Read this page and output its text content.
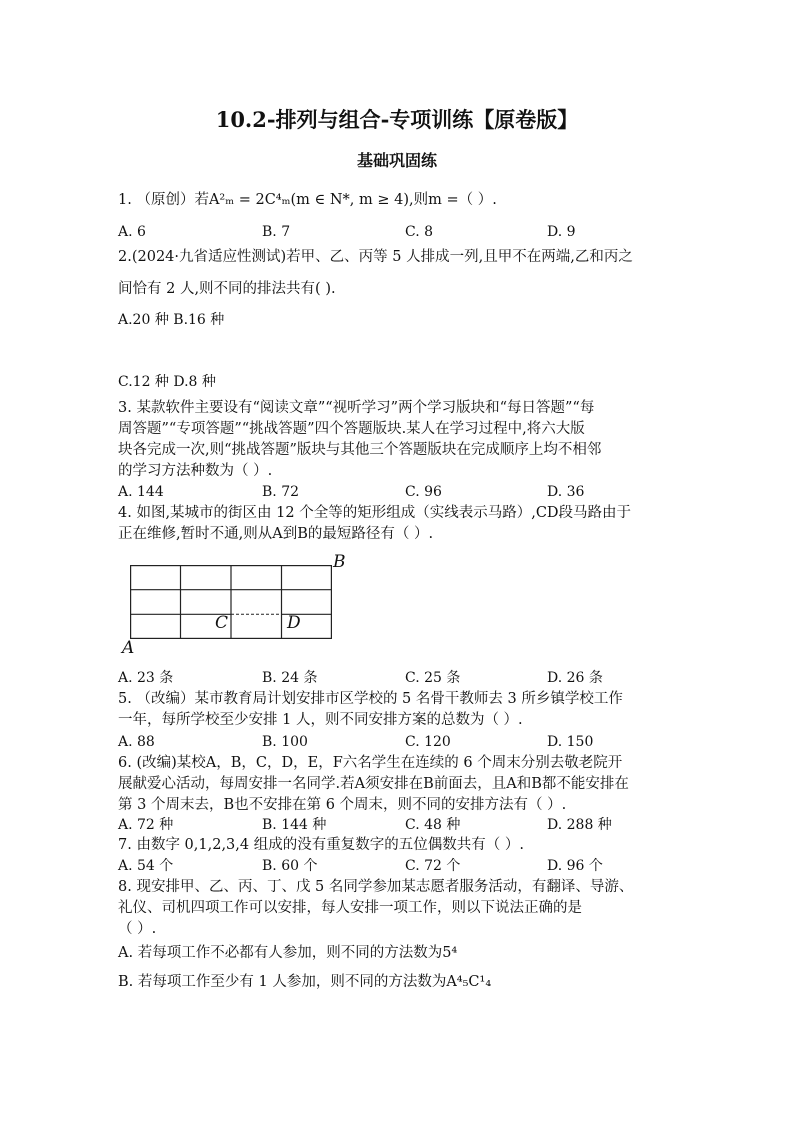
10.2-排列与组合-专项训练【原卷版】
基础巩固练
1. （原创）若A²ₘ = 2C⁴ₘ(m ∈ N*, m ≥ 4),则m =（ ）.
A. 6	B. 7	C. 8	D. 9
2.(2024·九省适应性测试)若甲、乙、丙等 5 人排成一列,且甲不在两端,乙和丙之
间恰有 2 人,则不同的排法共有( ).
A.20 种 B.16 种
C.12 种 D.8 种
3. 某款软件主要设有“阅读文章”“视听学习”两个学习版块和“每日答题”“每
周答题”“专项答题”“挑战答题”四个答题版块.某人在学习过程中,将六大版
块各完成一次,则“挑战答题”版块与其他三个答题版块在完成顺序上均不相邻
的学习方法种数为（ ）.
A. 144	B. 72	C. 96	D. 36
4. 如图,某城市的街区由 12 个全等的矩形组成（实线表示马路）,CD段马路由于
正在维修,暂时不通,则从A到B的最短路径有（ ）.
A
B
C	D
A. 23 条	B. 24 条	C. 25 条	D. 26 条
5. （改编）某市教育局计划安排市区学校的 5 名骨干教师去 3 所乡镇学校工作
一年，每所学校至少安排 1 人，则不同安排方案的总数为（ ）.
A. 88	B. 100	C. 120	D. 150
6. (改编)某校A，B，C，D，E，F六名学生在连续的 6 个周末分别去敬老院开
展献爱心活动，每周安排一名同学.若A须安排在B前面去，且A和B都不能安排在
第 3 个周末去，B也不安排在第 6 个周末，则不同的安排方法有（ ）.
A. 72 种	B. 144 种	C. 48 种	D. 288 种
7. 由数字 0,1,2,3,4 组成的没有重复数字的五位偶数共有（ ）.
A. 54 个	B. 60 个	C. 72 个	D. 96 个
8. 现安排甲、乙、丙、丁、戊 5 名同学参加某志愿者服务活动，有翻译、导游、
礼仪、司机四项工作可以安排，每人安排一项工作，则以下说法正确的是
（ ）.
A. 若每项工作不必都有人参加，则不同的方法数为5⁴
B. 若每项工作至少有 1 人参加，则不同的方法数为A⁴₅C¹₄
